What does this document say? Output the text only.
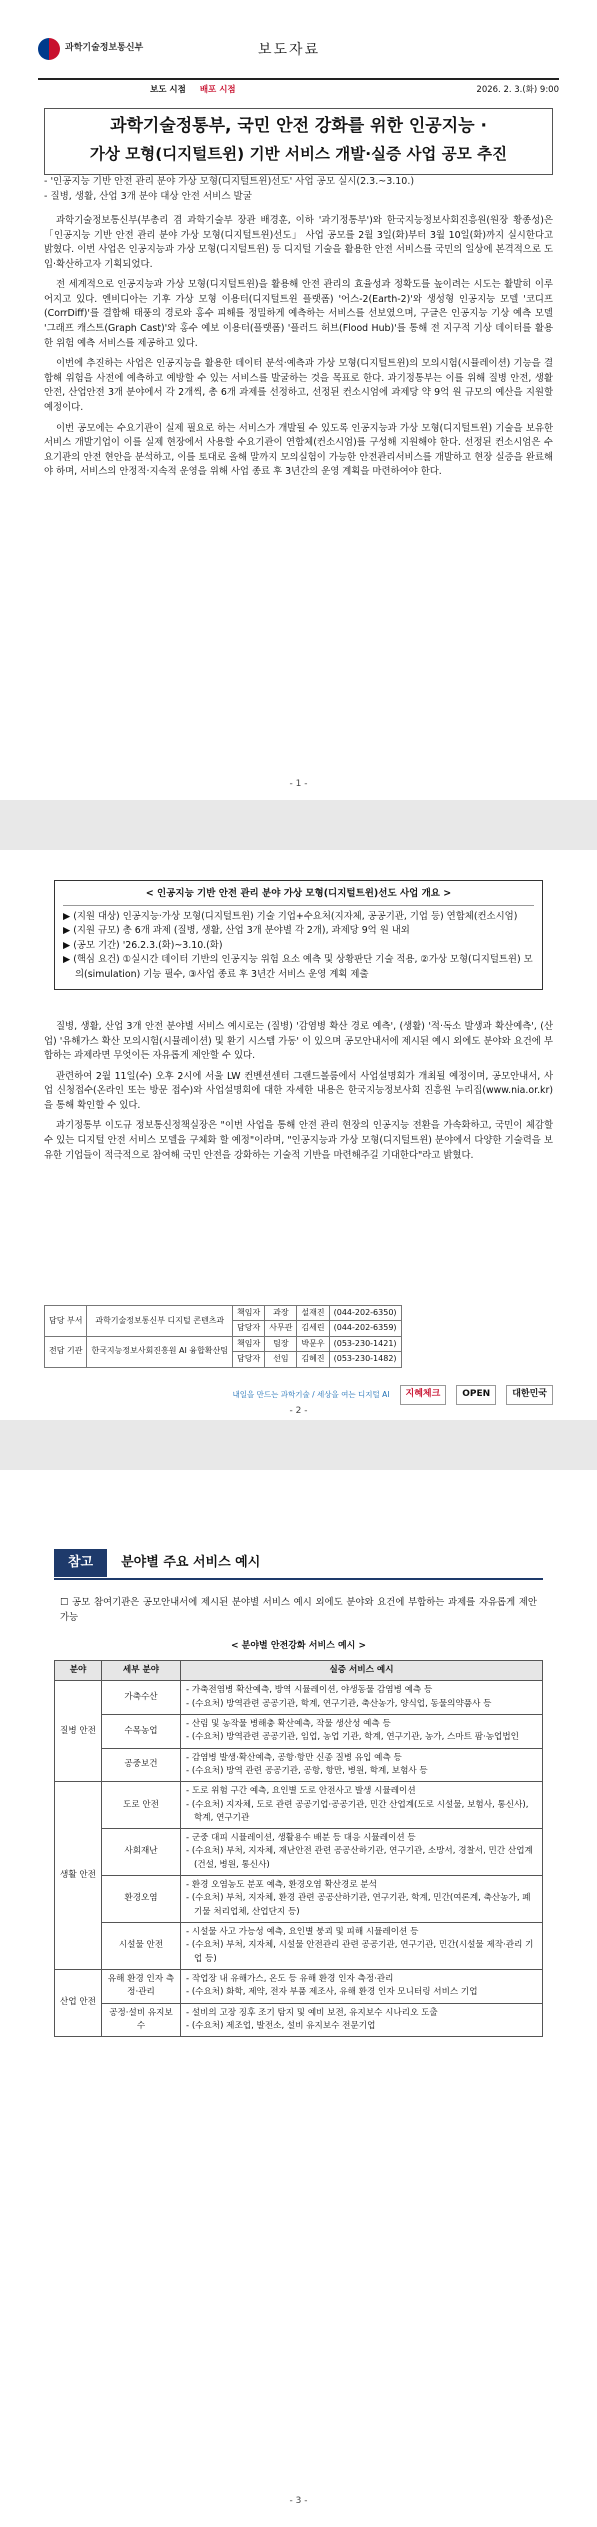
과학기술정보통신부	보도자료
보도 시점 배포 시점	2026. 2. 3.(화) 9:00
과학기술정통부, 국민 안전 강화를 위한 인공지능 ·
가상 모형(디지털트윈) 기반 서비스 개발·실증 사업 공모 추진
- '인공지능 기반 안전 관리 분야 가상 모형(디지털트윈)선도' 사업 공모 실시(2.3.~3.10.)
- 질병, 생활, 산업 3개 분야 대상 안전 서비스 발굴

과학기술정보통신부(부총리 겸 과학기술부 장관 배경훈, 이하 '과기정통부')와 한국지능정보사회진흥원(원장 황종성)은 「인공지능 기반 안전 관리 분야 가상 모형(디지털트윈)선도」 사업 공모를 2월 3일(화)부터 3월 10일(화)까지 실시한다고 밝혔다. 이번 사업은 인공지능과 가상 모형(디지털트윈) 등 디지털 기술을 활용한 안전 서비스를 국민의 일상에 본격적으로 도입·확산하고자 기획되었다.

전 세계적으로 인공지능과 가상 모형(디지털트윈)을 활용해 안전 관리의 효율성과 정확도를 높이려는 시도는 활발히 이루어지고 있다. 엔비디아는 기후 가상 모형 이용터(디지털트윈 플랫폼) '어스-2(Earth-2)'와 생성형 인공지능 모델 '코디프(CorrDiff)'를 결합해 태풍의 경로와 홍수 피해를 정밀하게 예측하는 서비스를 선보였으며, 구글은 인공지능 기상 예측 모델 '그래프 캐스트(Graph Cast)'와 홍수 예보 이용터(플랫폼) '플러드 허브(Flood Hub)'를 통해 전 지구적 기상 데이터를 활용한 위험 예측 서비스를 제공하고 있다.

이번에 추진하는 사업은 인공지능을 활용한 데이터 분석·예측과 가상 모형(디지털트윈)의 모의시험(시뮬레이션) 기능을 결합해 위험을 사전에 예측하고 예방할 수 있는 서비스를 발굴하는 것을 목표로 한다. 과기정통부는 이를 위해 질병 안전, 생활안전, 산업안전 3개 분야에서 각 2개씩, 총 6개 과제를 선정하고, 선정된 컨소시엄에 과제당 약 9억 원 규모의 예산을 지원할 예정이다.

이번 공모에는 수요기관이 실제 필요로 하는 서비스가 개발될 수 있도록 인공지능과 가상 모형(디지털트윈) 기술을 보유한 서비스 개발기업이 이를 실제 현장에서 사용할 수요기관이 연합체(컨소시엄)를 구성해 지원해야 한다. 선정된 컨소시엄은 수요기관의 안전 현안을 분석하고, 이를 토대로 올해 말까지 모의실험이 가능한 안전관리서비스를 개발하고 현장 실증을 완료해야 하며, 서비스의 안정적·지속적 운영을 위해 사업 종료 후 3년간의 운영 계획을 마련하여야 한다.

- 1 -
< 인공지능 기반 안전 관리 분야 가상 모형(디지털트윈)선도 사업 개요 >
▶ (지원 대상) 인공지능·가상 모형(디지털트윈) 기술 기업+수요처(지자체, 공공기관, 기업 등) 연합체(컨소시엄)
▶ (지원 규모) 총 6개 과제 (질병, 생활, 산업 3개 분야별 각 2개), 과제당 9억 원 내외
▶ (공모 기간) '26.2.3.(화)~3.10.(화)
▶ (핵심 요건) ①실시간 데이터 기반의 인공지능 위험 요소 예측 및 상황판단 기술 적용, ②가상 모형(디지털트윈) 모의(simulation) 기능 필수, ③사업 종료 후 3년간 서비스 운영 계획 제출

질병, 생활, 산업 3개 안전 분야별 서비스 예시로는 (질병) '감염병 확산 경로 예측', (생활) '적·독소 발생과 확산예측', (산업) '유해가스 확산 모의시험(시뮬레이션) 및 환기 시스템 가동' 이 있으며 공모안내서에 제시된 예시 외에도 분야와 요건에 부합하는 과제라면 무엇이든 자유롭게 제안할 수 있다.

관련하여 2월 11일(수) 오후 2시에 서울 LW 컨벤션센터 그랜드볼룸에서 사업설명회가 개최될 예정이며, 공모안내서, 사업 신청접수(온라인 또는 방문 접수)와 사업설명회에 대한 자세한 내용은 한국지능정보사회 진흥원 누리집(www.nia.or.kr)을 통해 확인할 수 있다.

과기정통부 이도규 정보통신정책실장은 "이번 사업을 통해 안전 관리 현장의 인공지능 전환을 가속화하고, 국민이 체감할 수 있는 디지털 안전 서비스 모델을 구체화 할 예정"이라며, "인공지능과 가상 모형(디지털트윈) 분야에서 다양한 기술력을 보유한 기업들이 적극적으로 참여해 국민 안전을 강화하는 기술적 기반을 마련해주길 기대한다"라고 밝혔다.

담당 부서	과학기술정보통신부 디지털 콘텐츠과	책임자	과장	설재진	(044-202-6350)
		담당자	사무관	김세린	(044-202-6359)
전담 기관	한국지능정보사회진흥원 AI 융합확산팀	책임자	팀장	박문우	(053-230-1421)
		담당자	선임	김혜진	(053-230-1482)
내일을 만드는 과학기술 / 세상을 여는 디지털 AI	지혜체크	OPEN	대한민국
- 2 -
참고	분야별 주요 서비스 예시
☐ 공모 참여기관은 공모안내서에 제시된 분야별 서비스 예시 외에도 분야와 요건에 부합하는 과제를 자유롭게 제안 가능
< 분야별 안전강화 서비스 예시 >
분야	세부 분야	실증 서비스 예시
질병 안전	가축수산	- 가축전염병 확산예측, 방역 시뮬레이션, 야생동물 감염병 예측 등
- (수요처) 방역관련 공공기관, 학계, 연구기관, 축산농가, 양식업, 동물의약품사 등

	수목농업	- 산림 및 농작물 병해충 확산예측, 작물 생산성 예측 등
- (수요처) 방역관련 공공기관, 임업, 농업 기관, 학계, 연구기관, 농가, 스마트 팜·농업법인

	공중보건	- 감염병 발생·확산예측, 공항·항만 신종 질병 유입 예측 등
- (수요처) 방역 관련 공공기관, 공항, 항만, 병원, 학계, 보험사 등

생활 안전	도로 안전	- 도로 위험 구간 예측, 요인별 도로 안전사고 발생 시뮬레이션
- (수요처) 지자체, 도로 관련 공공기업·공공기관, 민간 산업계(도로 시설물, 보험사, 통신사), 학계, 연구기관

	사회재난	- 군중 대피 시뮬레이션, 생활용수 배분 등 대응 시뮬레이션 등
- (수요처) 부처, 지자체, 재난안전 관련 공공산하기관, 연구기관, 소방서, 경찰서, 민간 산업계(건설, 병원, 통신사)

	환경오염	- 환경 오염농도 분포 예측, 환경오염 확산경로 분석
- (수요처) 부처, 지자체, 환경 관련 공공산하기관, 연구기관, 학계, 민간(여론계, 축산농가, 폐기물 처리업체, 산업단지 등)

	시설물 안전	- 시설물 사고 가능성 예측, 요인별 붕괴 및 피해 시뮬레이션 등
- (수요처) 부처, 지자체, 시설물 안전관리 관련 공공기관, 연구기관, 민간(시설물 제작·관리 기업 등)

산업 안전	유해 환경 인자 측정·관리	- 작업장 내 유해가스, 온도 등 유해 환경 인자 측정·관리
- (수요처) 화학, 제약, 전자 부품 제조사, 유해 환경 인자 모니터링 서비스 기업

	공정·설비 유지보수	- 설비의 고장 징후 조기 탐지 및 예비 보전, 유지보수 시나리오 도출
- (수요처) 제조업, 발전소, 설비 유지보수 전문기업
- 3 -
